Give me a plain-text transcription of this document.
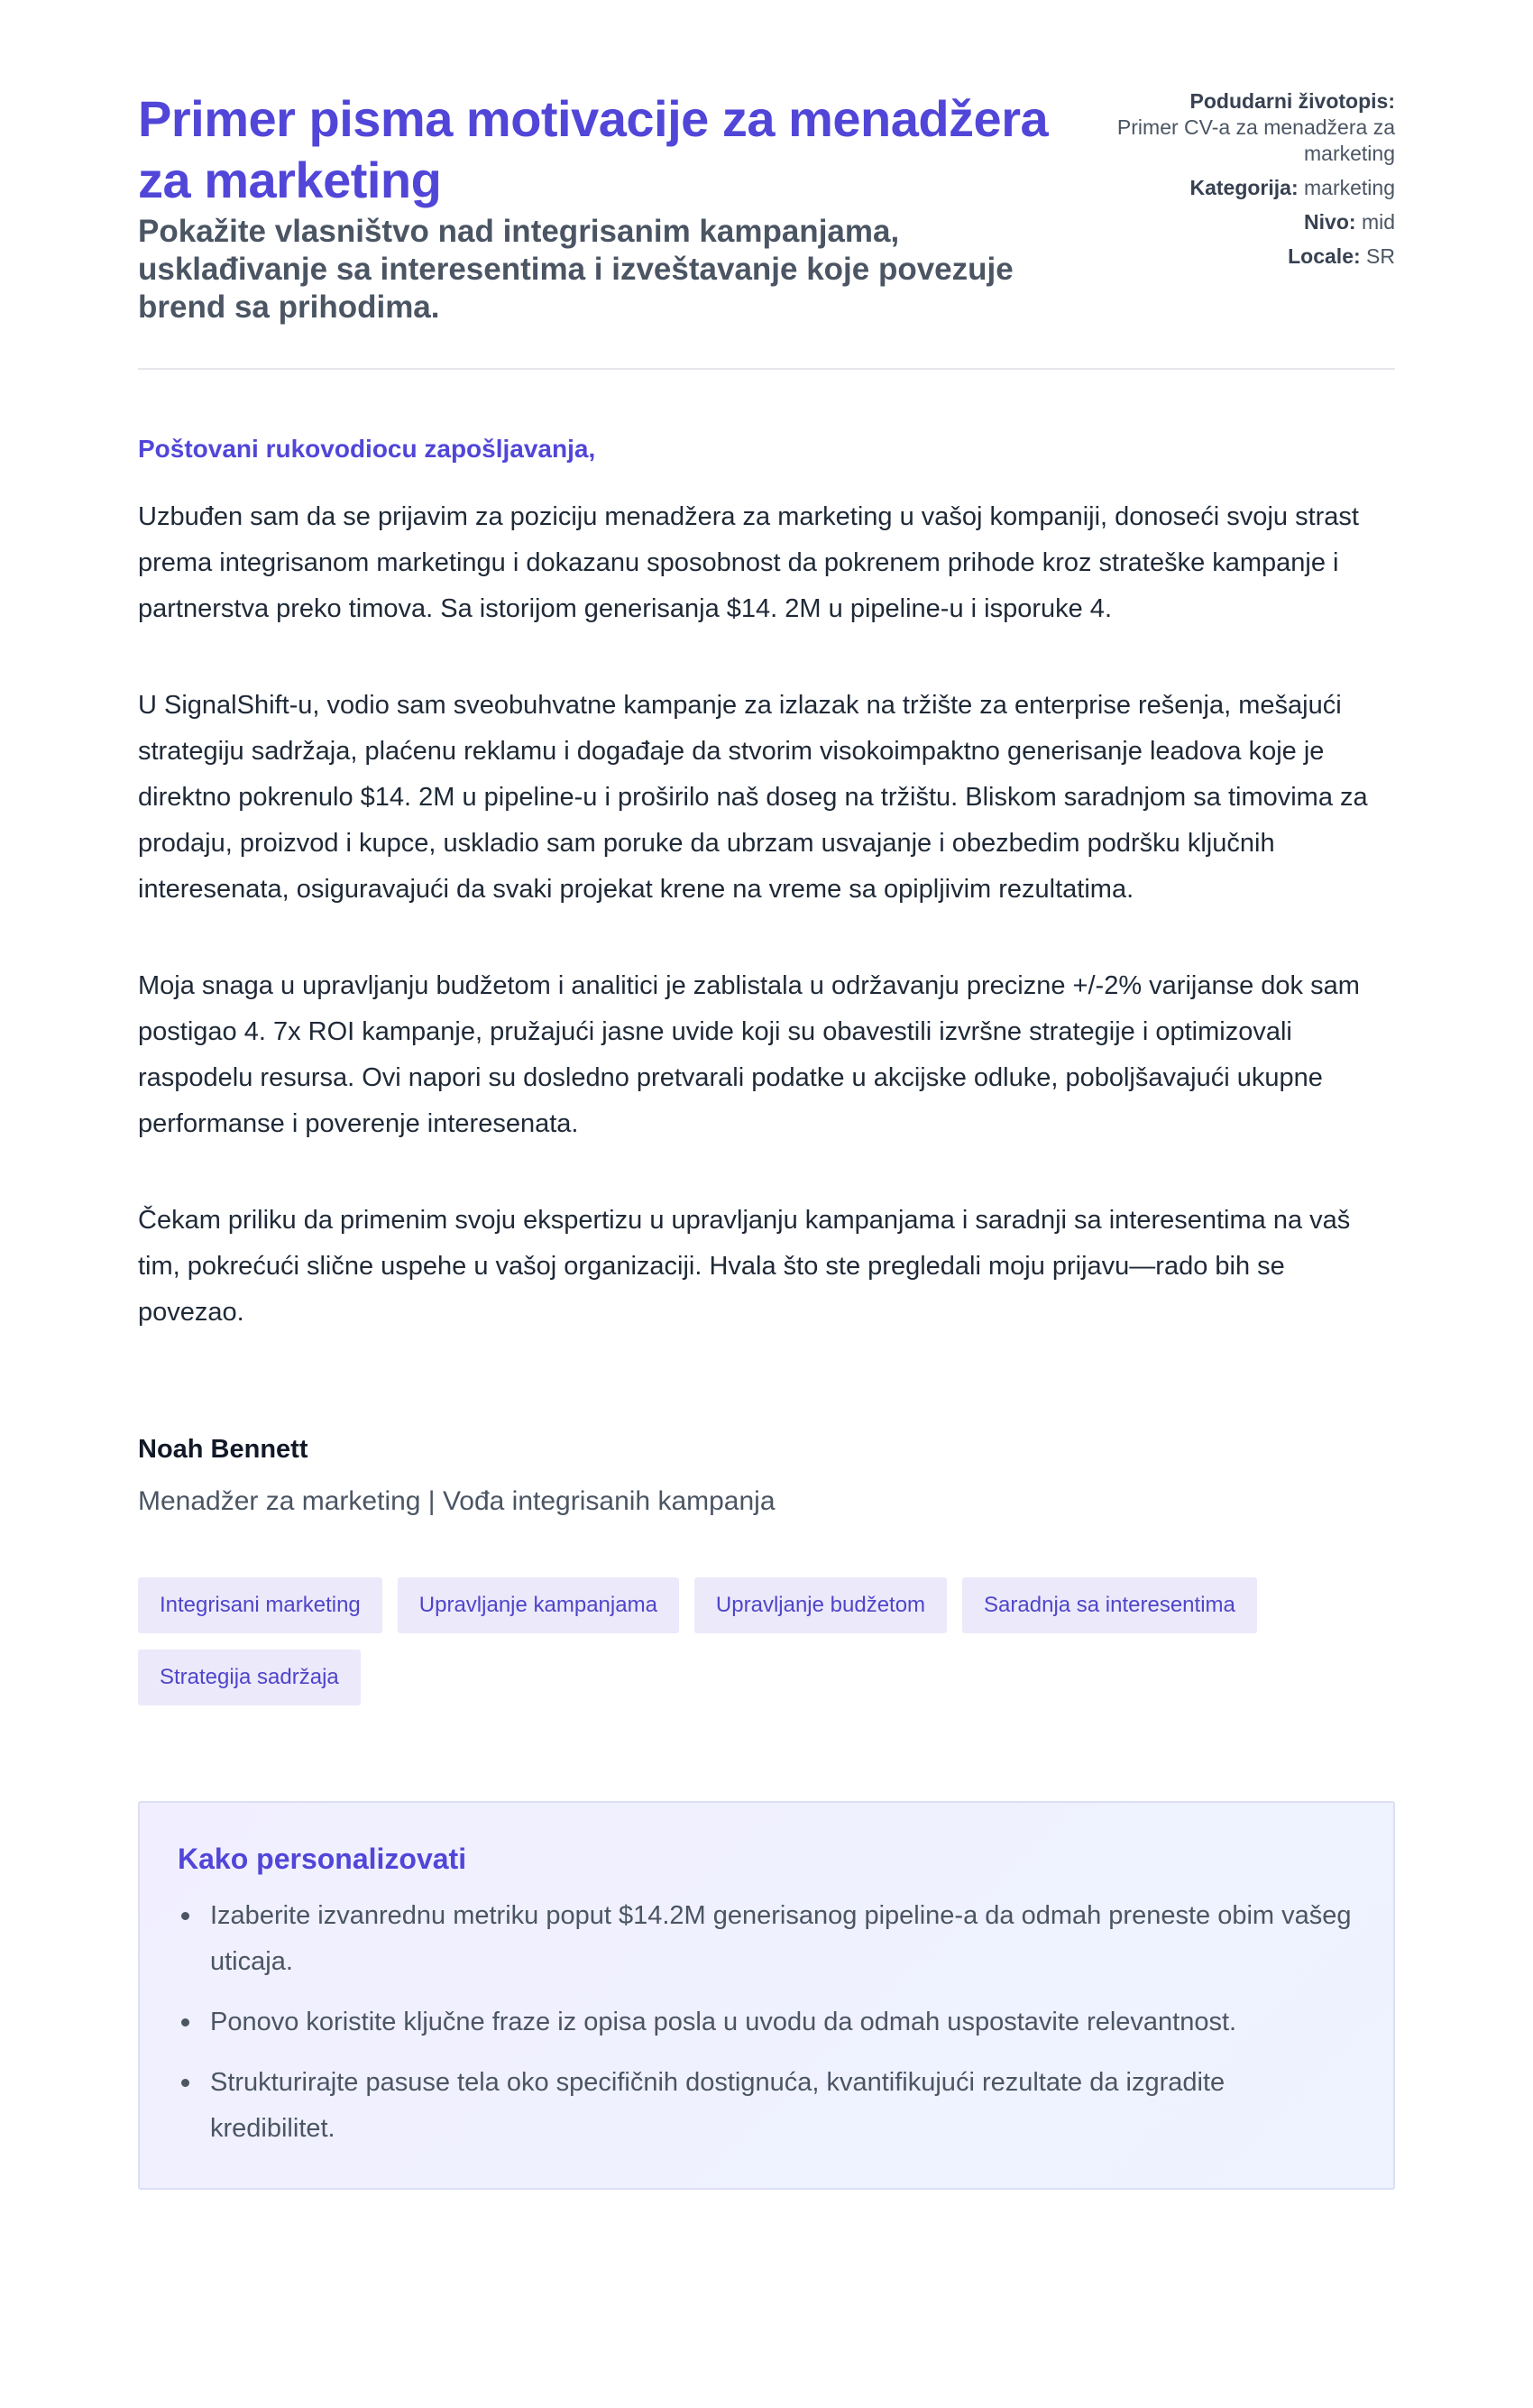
Primer pisma motivacije za menadžera za marketing

Pokažite vlasništvo nad integrisanim kampanjama, usklađivanje sa interesentima i izveštavanje koje povezuje brend sa prihodima.

Podudarni životopis:
Primer CV-a za menadžera za marketing
Kategorija: marketing
Nivo: mid
Locale: SR

Poštovani rukovodiocu zapošljavanja,

Uzbuđen sam da se prijavim za poziciju menadžera za marketing u vašoj kompaniji, donoseći svoju strast prema integrisanom marketingu i dokazanu sposobnost da pokrenem prihode kroz strateške kampanje i partnerstva preko timova. Sa istorijom generisanja $14. 2M u pipeline-u i isporuke 4.

U SignalShift-u, vodio sam sveobuhvatne kampanje za izlazak na tržište za enterprise rešenja, mešajući strategiju sadržaja, plaćenu reklamu i događaje da stvorim visokoimpaktno generisanje leadova koje je direktno pokrenulo $14. 2M u pipeline-u i proširilo naš doseg na tržištu. Bliskom saradnjom sa timovima za prodaju, proizvod i kupce, uskladio sam poruke da ubrzam usvajanje i obezbedim podršku ključnih interesenata, osiguravajući da svaki projekat krene na vreme sa opipljivim rezultatima.

Moja snaga u upravljanju budžetom i analitici je zablistala u održavanju precizne +/-2% varijanse dok sam postigao 4. 7x ROI kampanje, pružajući jasne uvide koji su obavestili izvršne strategije i optimizovali raspodelu resursa. Ovi napori su dosledno pretvarali podatke u akcijske odluke, poboljšavajući ukupne performanse i poverenje interesenata.

Čekam priliku da primenim svoju ekspertizu u upravljanju kampanjama i saradnji sa interesentima na vaš tim, pokrećući slične uspehe u vašoj organizaciji. Hvala što ste pregledali moju prijavu—rado bih se povezao.

Noah Bennett

Menadžer za marketing | Vođa integrisanih kampanja

Integrisani marketing	Upravljanje kampanjama	Upravljanje budžetom	Saradnja sa interesentima
Strategija sadržaja
Kako personalizovati
Izaberite izvanrednu metriku poput $14.2M generisanog pipeline-a da odmah preneste obim vašeg uticaja.
Ponovo koristite ključne fraze iz opisa posla u uvodu da odmah uspostavite relevantnost.
Strukturirajte pasuse tela oko specifičnih dostignuća, kvantifikujući rezultate da izgradite kredibilitet.
